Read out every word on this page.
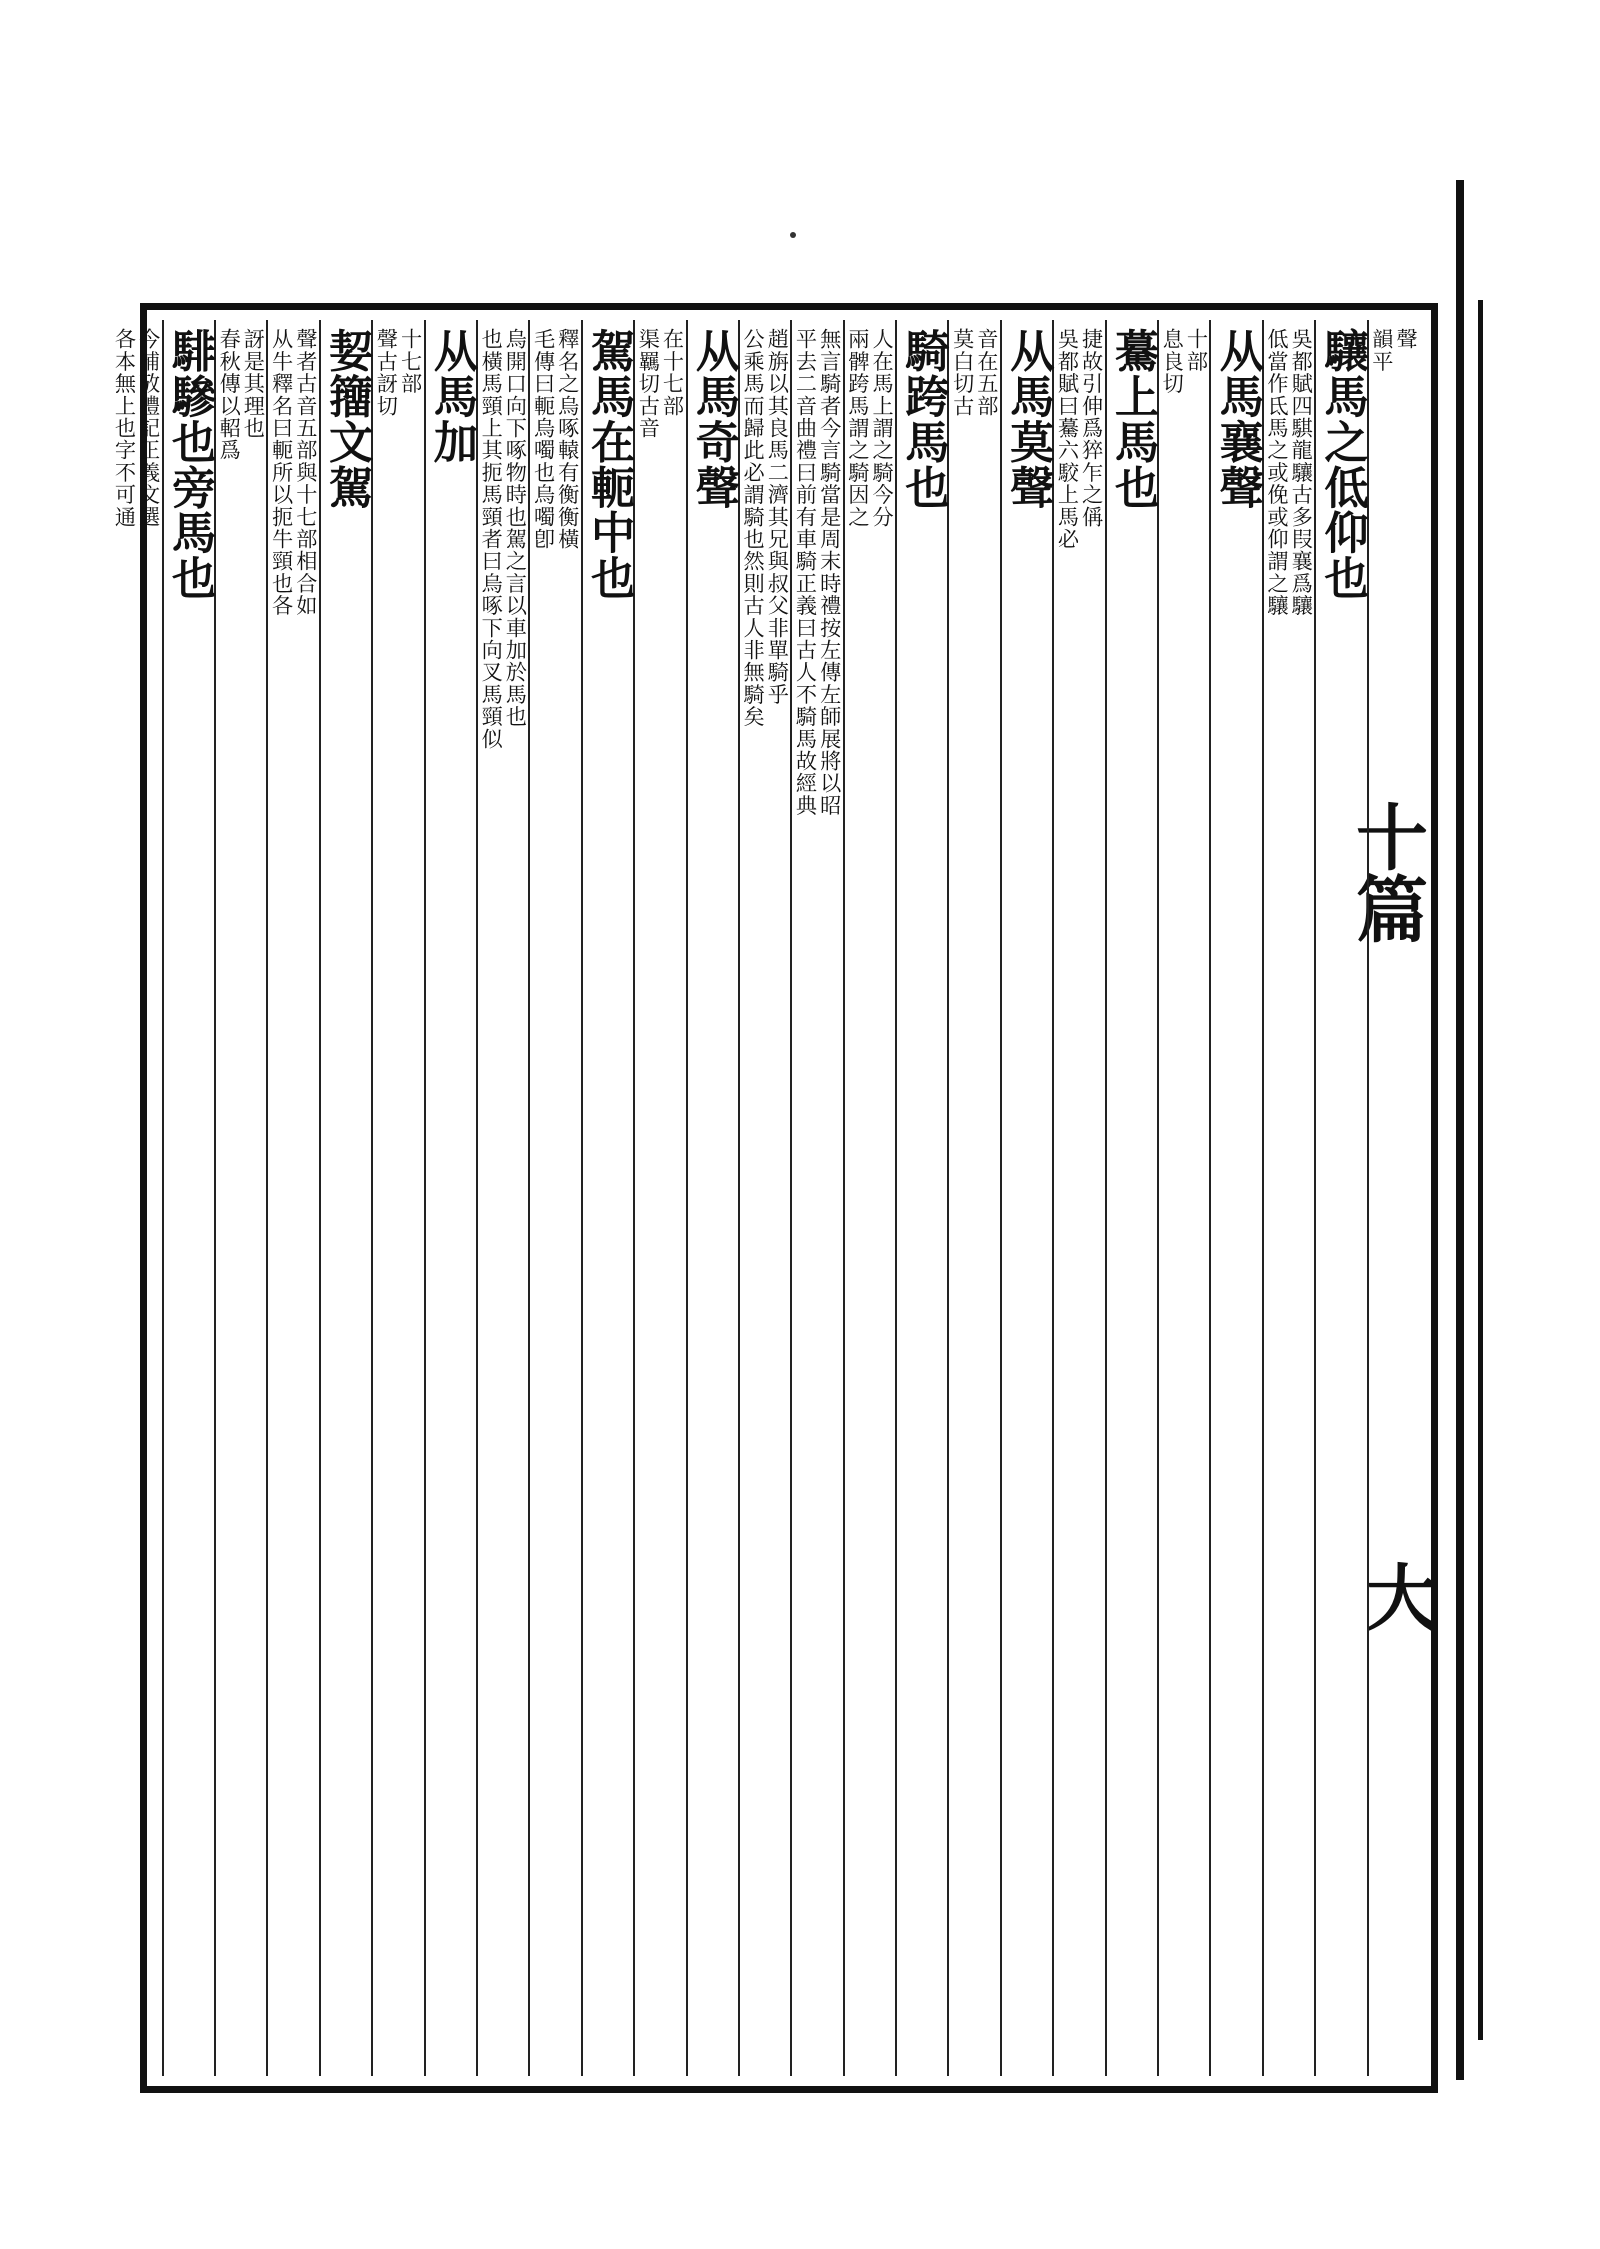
十篇
大
韻平 聲
驤馬之低仰也
低當作氐馬之或俛或仰謂之驤 吳都賦四騏龍驤古多叚襄爲驤
从馬襄聲
息良切 十部
驀上馬也
吳都賦曰驀六駮上馬必 捷故引伸爲猝乍之偁
从馬莫聲
莫白切古 音在五部
騎跨馬也
兩髀跨馬謂之騎因之 人在馬上謂之騎今分
平去二音曲禮曰前有車騎正義曰古人不騎馬故經典 無言騎者今言騎當是周末時禮按左傳左師展將以昭
公乘馬而歸此必謂騎也然則古人非無騎矣 趙旃以其良馬二濟其兄與叔父非單騎乎
从馬奇聲
渠羈切古音 在十七部
駕馬在軛中也
毛傳曰軛烏噣也烏噣卽 釋名之烏啄轅有衡衡橫
也橫馬頸上其扼馬頸者曰烏啄下向叉馬頸似 烏開口向下啄物時也駕之言以車加於馬也
从馬加
聲古訝切 十七部
㛃籒文駕
从牛釋名曰軛所以扼牛頸也各 聲者古音五部與十七部相合如
春秋傳以軺爲 訝是其理也
騑驂也旁馬也
各本無上也字不可通 今補攷禮記正義文選
